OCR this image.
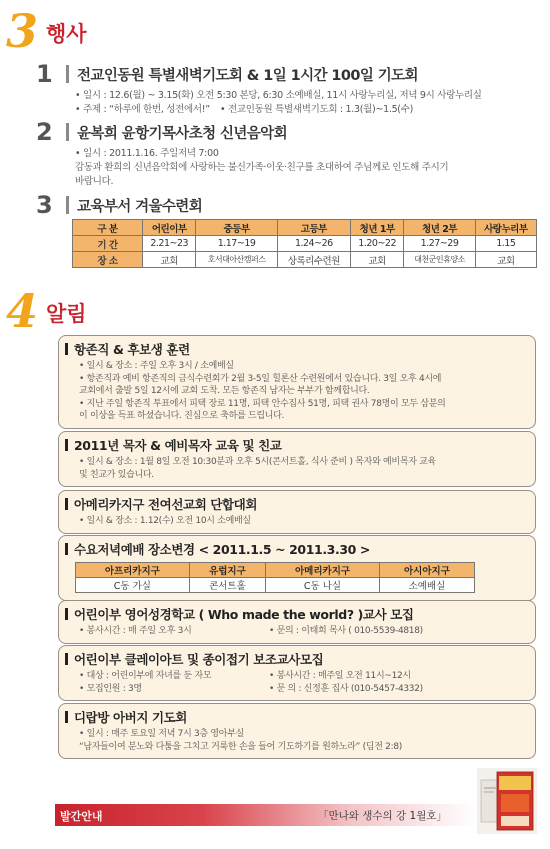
3 행사
1	전교인동원 특별새벽기도회 & 1일 1시간 100일 기도회
• 일시 : 12.6(월) ~ 3.15(화) 오전 5:30 본당, 6:30 소예배실, 11시 사랑누리실, 저녁 9시 사랑누리실
• 주제 : “하루에 한번, 성전에서!” • 전교인동원 특별새벽기도회 : 1.3(월)~1.5(수)
2	윤복희 윤항기목사초청 신년음악회
• 일시 : 2011.1.16. 주일저녁 7:00
감동과 환희의 신년음악회에 사랑하는 불신가족·이웃·친구를 초대하여 주님께로 인도해 주시기
바랍니다.
3	교육부서 겨울수련회
구 분	어린이부	중등부	고등부	청년 1부	청년 2부	사랑누리부
기 간	2.21~23	1.17~19	1.24~26	1.20~22	1.27~29	1.15
장 소	교회	호서대아산캠퍼스	상록리수련원	교회	대천군인휴양소	교회
4 알림
항존직 & 후보생 훈련
• 일시 & 장소 : 주일 오후 3시 / 소예배실
• 항존직과 예비 항존직의 금식수련회가 2월 3-5일 힐론산 수련원에서 있습니다. 3일 오후 4시에
교회에서 출발 5일 12시에 교회 도착. 모든 항존직 남자는 부부가 함께합니다.
• 지난 주일 항존직 투표에서 피택 장로 11명, 피택 안수집사 51명, 피택 권사 78명이 모두 삼분의
이 이상을 득표 하셨습니다. 진심으로 축하를 드립니다.
2011년 목자 & 예비목자 교육 및 친교
• 일시 & 장소 : 1월 8일 오전 10:30분과 오후 5시(콘서트홀, 식사 준비 ) 목자와 예비목자 교육
및 친교가 있습니다.
아메리카지구 전여선교회 단합대회
• 일시 & 장소 : 1.12(수) 오전 10시 소예배실
수요저녁예배 장소변경 < 2011.1.5 ~ 2011.3.30 >
아프리카지구	유럽지구	아메리카지구	아시아지구
C동 가실	콘서트홀	C동 나실	소예배실
어린이부 영어성경학교 ( Who made the world? )교사 모집
• 봉사시간 : 매 주일 오후 3시	• 문의 : 이태희 목사 ( 010-5539-4818)
어린이부 클레이아트 및 종이접기 보조교사모집
• 대상 : 어린이부에 자녀를 둔 자모	• 봉사시간 : 매주일 오전 11시~12시
• 모집인원 : 3명	• 문 의 : 신정훈 집사 (010-5457-4332)
디랍방 아버지 기도회
• 일시 : 매주 토요일 저녁 7시 3층 영아부실
“남자들이여 분노와 다툼을 그치고 거룩한 손을 들어 기도하기를 원하노라” (딤전 2:8)
발간안내	「만나와 생수의 강 1월호」
